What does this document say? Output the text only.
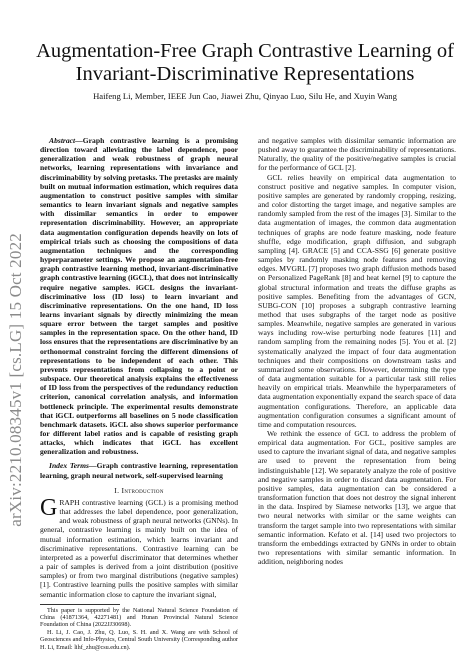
arXiv:2210.08345v1 [cs.LG] 15 Oct 2022
Augmentation-Free Graph Contrastive Learning of Invariant-Discriminative Representations
Haifeng Li, Member, IEEE Jun Cao, Jiawei Zhu, Qinyao Luo, Silu He, and Xuyin Wang

Abstract—Graph contrastive learning is a promising direction toward alleviating the label dependence, poor generalization and weak robustness of graph neural networks, learning representations with invariance and discriminability by solving pretasks. The pretasks are mainly built on mutual information estimation, which requires data augmentation to construct positive samples with similar semantics to learn invariant signals and negative samples with dissimilar semantics in order to empower representation discriminability. However, an appropriate data augmentation configuration depends heavily on lots of empirical trials such as choosing the compositions of data augmentation techniques and the corresponding hyperparameter settings. We propose an augmentation-free graph contrastive learning method, invariant-discriminative graph contrastive learning (iGCL), that does not intrinsically require negative samples. iGCL designs the invariant-discriminative loss (ID loss) to learn invariant and discriminative representations. On the one hand, ID loss learns invariant signals by directly minimizing the mean square error between the target samples and positive samples in the representation space. On the other hand, ID loss ensures that the representations are discriminative by an orthonormal constraint forcing the different dimensions of representations to be independent of each other. This prevents representations from collapsing to a point or subspace. Our theoretical analysis explains the effectiveness of ID loss from the perspectives of the redundancy reduction criterion, canonical correlation analysis, and information bottleneck principle. The experimental results demonstrate that iGCL outperforms all baselines on 5 node classification benchmark datasets. iGCL also shows superior performance for different label ratios and is capable of resisting graph attacks, which indicates that iGCL has excellent generalization and robustness.

Index Terms—Graph contrastive learning, representation learning, graph neural network, self-supervised learning

I. Introduction

GRAPH contrastive learning (GCL) is a promising method that addresses the label dependence, poor generalization, and weak robustness of graph neural networks (GNNs). In general, contrastive learning is mainly built on the idea of mutual information estimation, which learns invariant and discriminative representations. Contrastive learning can be interpreted as a powerful discriminator that determines whether a pair of samples is derived from a joint distribution (positive samples) or from two marginal distributions (negative samples) [1]. Contrastive learning pulls the positive samples with similar semantic information close to capture the invariant signal,

This paper is supported by the National Natural Science Foundation of China (41871364, 42271481) and Hunan Provincial Natural Science Foundation of China (2022JJ30698).

H. Li, J. Cao, J. Zhu, Q. Luo, S. H. and X. Wang are with School of Geosciences and Info-Physics, Central South University (Corresponding author H. Li, Email: lihf_zhu@csu.edu.cn).

and negative samples with dissimilar semantic information are pushed away to guarantee the discriminability of representations. Naturally, the quality of the positive/negative samples is crucial for the performance of GCL [2].

GCL relies heavily on empirical data augmentation to construct positive and negative samples. In computer vision, positive samples are generated by randomly cropping, resizing, and color distorting the target image, and negative samples are randomly sampled from the rest of the images [3]. Similar to the data augmentation of images, the common data augmentation techniques of graphs are node feature masking, node feature shuffle, edge modification, graph diffusion, and subgraph sampling [4]. GRACE [5] and CCA-SSG [6] generate positive samples by randomly masking node features and removing edges. MVGRL [7] proposes two graph diffusion methods based on Personalized PageRank [8] and heat kernel [9] to capture the global structural information and treats the diffuse graphs as positive samples. Benefiting from the advantages of GCN, SUBG-CON [10] proposes a subgraph contrastive learning method that uses subgraphs of the target node as positive samples. Meanwhile, negative samples are generated in various ways including row-wise perturbing node features [11] and random sampling from the remaining nodes [5]. You et al. [2] systematically analyzed the impact of four data augmentation techniques and their compositions on downstream tasks and summarized some observations. However, determining the type of data augmentation suitable for a particular task still relies heavily on empirical trials. Meanwhile the hyperparameters of data augmentation exponentially expand the search space of data augmentation configurations. Therefore, an applicable data augmentation configuration consumes a significant amount of time and computation resources.

We rethink the essence of GCL to address the problem of empirical data augmentation. For GCL, positive samples are used to capture the invariant signal of data, and negative samples are used to prevent the representation from being indistinguishable [12]. We separately analyze the role of positive and negative samples in order to discard data augmentation. For positive samples, data augmentation can be considered a transformation function that does not destroy the signal inherent in the data. Inspired by Siamese networks [13], we argue that two neural networks with similar or the same weights can transform the target sample into two representations with similar semantic information. Kefato et al. [14] used two projectors to transform the embeddings extracted by GNNs in order to obtain two representations with similar semantic information. In addition, neighboring nodes
